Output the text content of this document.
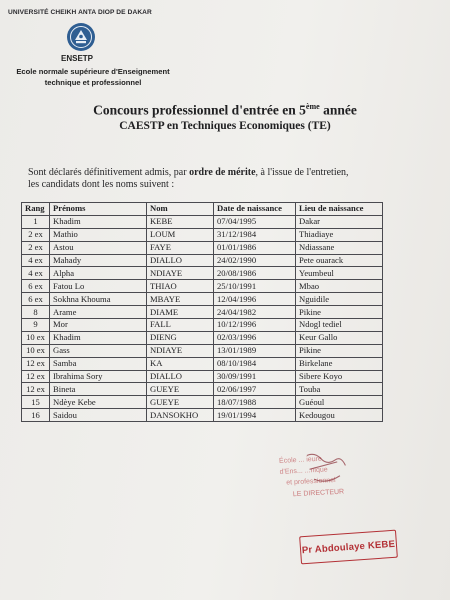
UNIVERSITÉ CHEIKH ANTA DIOP DE DAKAR
ENSETP
Ecole normale supérieure d'Enseignement
technique et professionnel
Concours professionnel d'entrée en 5ème année
CAESTP en Techniques Economiques (TE)
Sont déclarés définitivement admis, par ordre de mérite, à l'issue de l'entretien,
les candidats dont les noms suivent :
Rang	Prénoms	Nom	Date de naissance	Lieu de naissance
1	Khadim	KEBE	07/04/1995	Dakar
2 ex	Mathio	LOUM	31/12/1984	Thiadiaye
2 ex	Astou	FAYE	01/01/1986	Ndiassane
4 ex	Mahady	DIALLO	24/02/1990	Pete ouarack
4 ex	Alpha	NDIAYE	20/08/1986	Yeumbeul
6 ex	Fatou Lo	THIAO	25/10/1991	Mbao
6 ex	Sokhna Khouma	MBAYE	12/04/1996	Nguidile
8	Arame	DIAME	24/04/1982	Pikine
9	Mor	FALL	10/12/1996	Ndogl tediel
10 ex	Khadim	DIENG	02/03/1996	Keur Gallo
10 ex	Gass	NDIAYE	13/01/1989	Pikine
12 ex	Samba	KA	08/10/1984	Birkelane
12 ex	Ibrahima Sory	DIALLO	30/09/1991	Sibere Koyo
12 ex	Bineta	GUEYE	02/06/1997	Touba
15	Ndèye Kebe	GUEYE	18/07/1988	Guéoul
16	Saidou	DANSOKHO	19/01/1994	Kedougou
École ... ieure
d'Ens... ...nique
et professionnel
LE DIRECTEUR
Pr Abdoulaye KEBE
